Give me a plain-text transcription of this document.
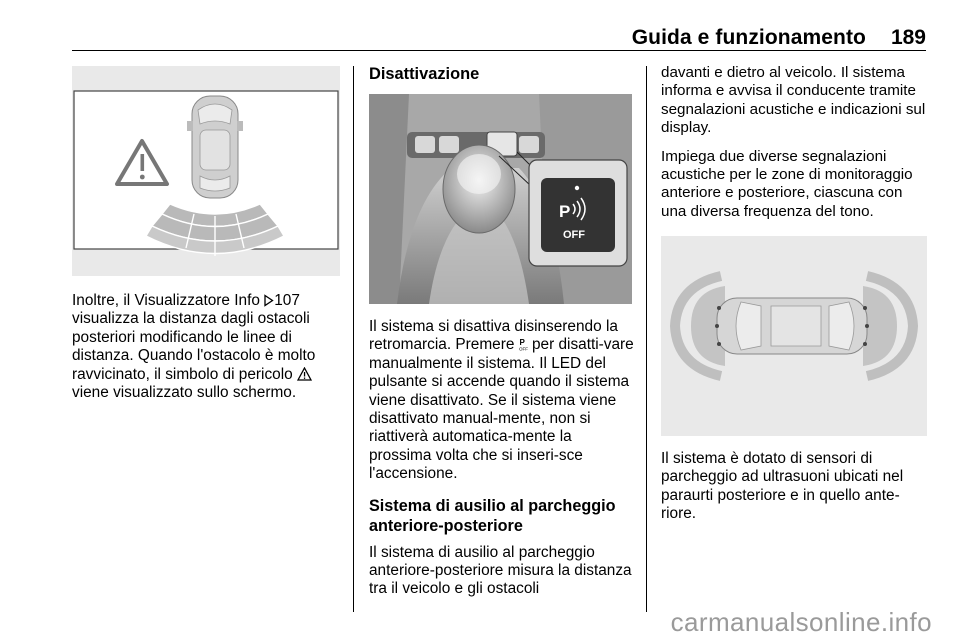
Guida e funzionamento 189

Inoltre, il Visualizzatore Info 107 visualizza la distanza dagli ostacoli posteriori modificando le linee di distanza. Quando l'ostacolo è molto ravvicinato, il simbolo di pericolo  viene visualizzato sullo schermo.

Disattivazione

P
OFF

Il sistema si disattiva disinserendo la retromarcia. Premere P
OFF per disatti-vare manualmente il sistema. Il LED del pulsante si accende quando il sistema viene disattivato. Se il sistema viene disattivato manual-mente, non si riattiverà automatica-mente la prossima volta che si inseri-sce l'accensione.

Sistema di ausilio al parcheggio anteriore-posteriore

Il sistema di ausilio al parcheggio anteriore-posteriore misura la distanza tra il veicolo e gli ostacoli

davanti e dietro al veicolo. Il sistema informa e avvisa il conducente tramite segnalazioni acustiche e indicazioni sul display.

Impiega due diverse segnalazioni acustiche per le zone di monitoraggio anteriore e posteriore, ciascuna con una diversa frequenza del tono.

Il sistema è dotato di sensori di parcheggio ad ultrasuoni ubicati nel paraurti posteriore e in quello ante-riore.

carmanualsonline.info
